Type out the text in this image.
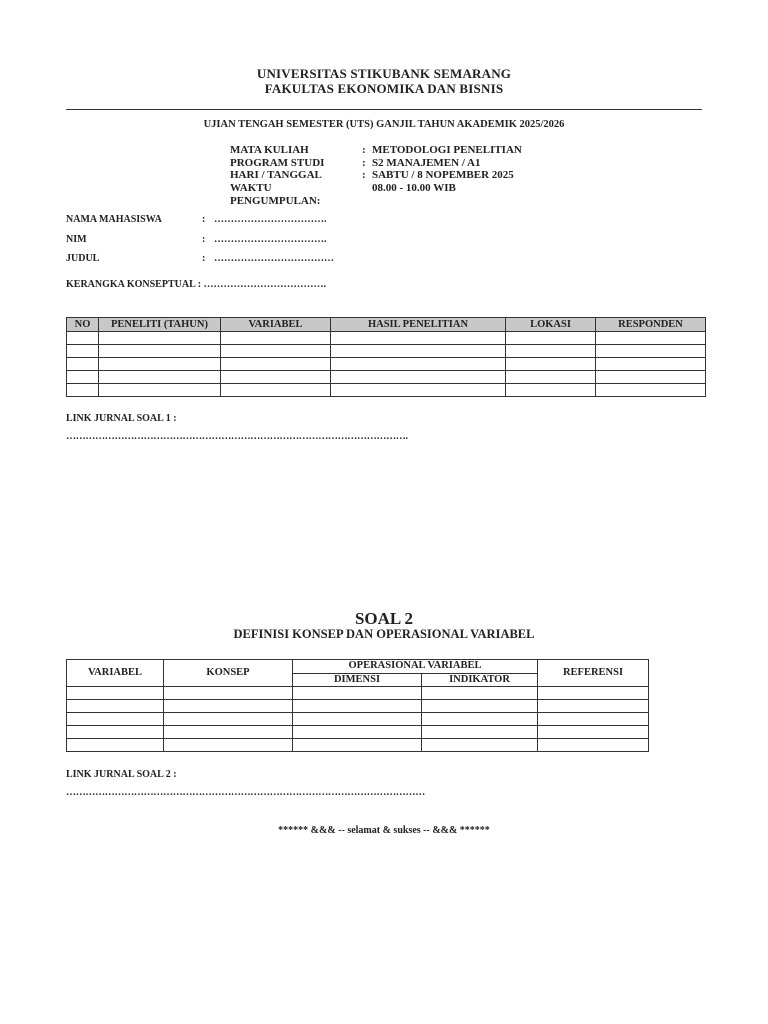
UNIVERSITAS STIKUBANK SEMARANG
FAKULTAS EKONOMIKA DAN BISNIS
UJIAN TENGAH SEMESTER (UTS) GANJIL TAHUN AKADEMIK 2025/2026
MATA KULIAH	: METODOLOGI PENELITIAN
PROGRAM STUDI	: S2 MANAJEMEN / A1
HARI / TANGGAL	: SABTU / 8 NOPEMBER 2025
WAKTU PENGUMPULAN:
08.00 - 10.00 WIB
NAMA MAHASISWA	: …………………………….
NIM	: …………………………….
JUDUL	: ………………………………
KERANGKA KONSEPTUAL : ……………………………….
NO	PENELITI (TAHUN)	VARIABEL	HASIL PENELITIAN	LOKASI	RESPONDEN

LINK JURNAL SOAL 1 :
…………………………………………………………………………………………….
SOAL 2
DEFINISI KONSEP DAN OPERASIONAL VARIABEL
VARIABEL	KONSEP	OPERASIONAL VARIABEL		REFERENSI
		DIMENSI	INDIKATOR	

LINK JURNAL SOAL 2 :
…………………………………………………………………………………………………
****** &&& -- selamat & sukses -- &&& ******
